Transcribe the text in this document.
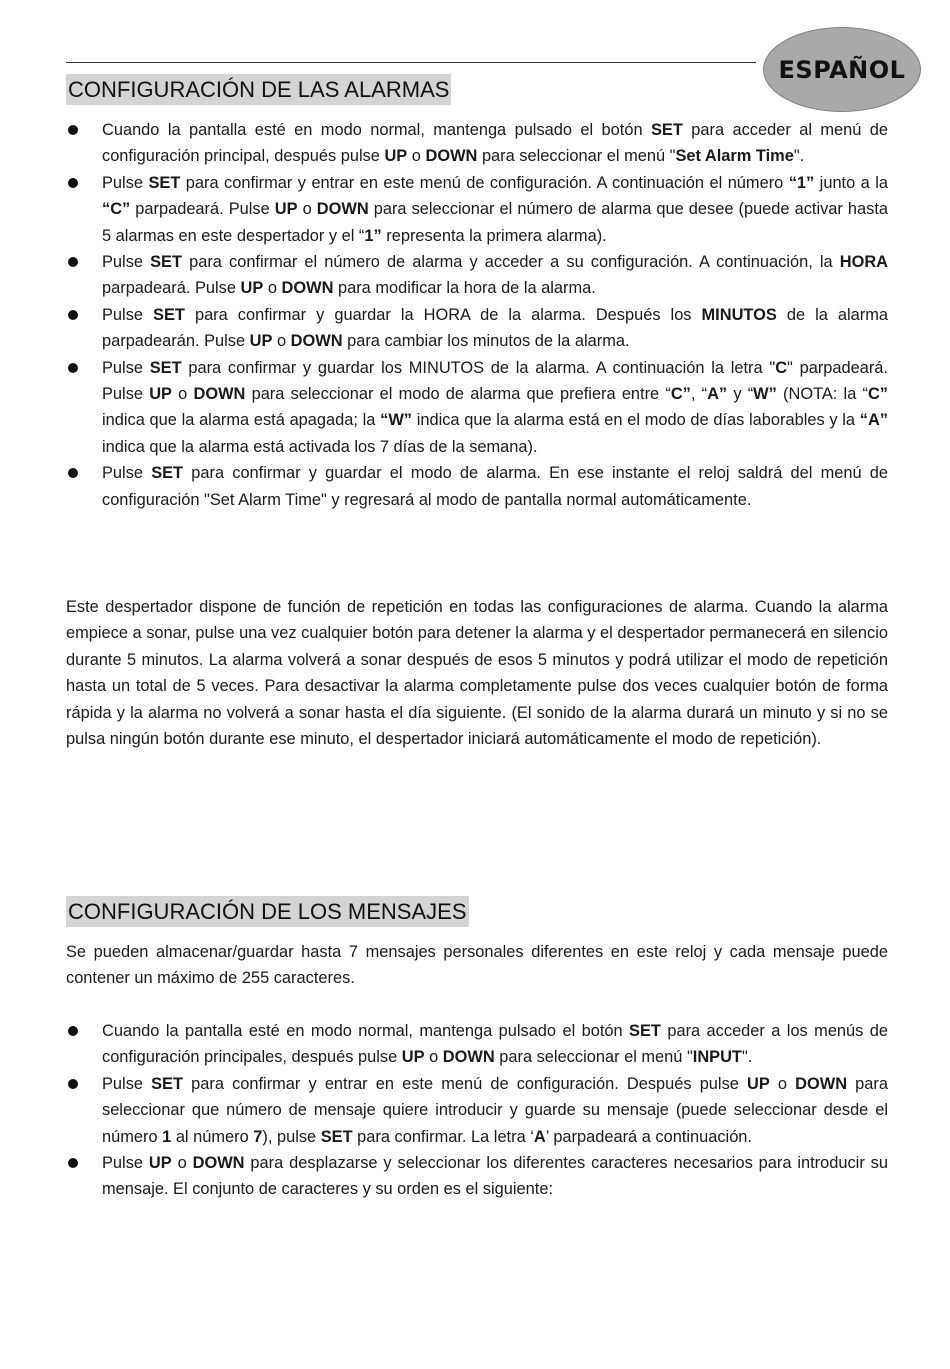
ESPAÑOL
CONFIGURACIÓN DE LAS ALARMAS
Cuando la pantalla esté en modo normal, mantenga pulsado el botón SET para acceder al menú de configuración principal, después pulse UP o DOWN para seleccionar el menú "Set Alarm Time".
Pulse SET para confirmar y entrar en este menú de configuración. A continuación el número “1” junto a la “C” parpadeará. Pulse UP o DOWN para seleccionar el número de alarma que desee (puede activar hasta 5 alarmas en este despertador y el “1” representa la primera alarma).
Pulse SET para confirmar el número de alarma y acceder a su configuración. A continuación, la HORA parpadeará. Pulse UP o DOWN para modificar la hora de la alarma.
Pulse SET para confirmar y guardar la HORA de la alarma. Después los MINUTOS de la alarma parpadearán. Pulse UP o DOWN para cambiar los minutos de la alarma.
Pulse SET para confirmar y guardar los MINUTOS de la alarma. A continuación la letra "C" parpadeará. Pulse UP o DOWN para seleccionar el modo de alarma que prefiera entre “C”, “A” y “W” (NOTA: la “C” indica que la alarma está apagada; la “W” indica que la alarma está en el modo de días laborables y la “A” indica que la alarma está activada los 7 días de la semana).
Pulse SET para confirmar y guardar el modo de alarma. En ese instante el reloj saldrá del menú de configuración "Set Alarm Time" y regresará al modo de pantalla normal automáticamente.

Este despertador dispone de función de repetición en todas las configuraciones de alarma. Cuando la alarma empiece a sonar, pulse una vez cualquier botón para detener la alarma y el despertador permanecerá en silencio durante 5 minutos. La alarma volverá a sonar después de esos 5 minutos y podrá utilizar el modo de repetición hasta un total de 5 veces. Para desactivar la alarma completamente pulse dos veces cualquier botón de forma rápida y la alarma no volverá a sonar hasta el día siguiente. (El sonido de la alarma durará un minuto y si no se pulsa ningún botón durante ese minuto, el despertador iniciará automáticamente el modo de repetición).

CONFIGURACIÓN DE LOS MENSAJES

Se pueden almacenar/guardar hasta 7 mensajes personales diferentes en este reloj y cada mensaje puede contener un máximo de 255 caracteres.

Cuando la pantalla esté en modo normal, mantenga pulsado el botón SET para acceder a los menús de configuración principales, después pulse UP o DOWN para seleccionar el menú "INPUT".
Pulse SET para confirmar y entrar en este menú de configuración. Después pulse UP o DOWN para seleccionar que número de mensaje quiere introducir y guarde su mensaje (puede seleccionar desde el número 1 al número 7), pulse SET para confirmar. La letra ‘A’ parpadeará a continuación.
Pulse UP o DOWN para desplazarse y seleccionar los diferentes caracteres necesarios para introducir su mensaje. El conjunto de caracteres y su orden es el siguiente:
